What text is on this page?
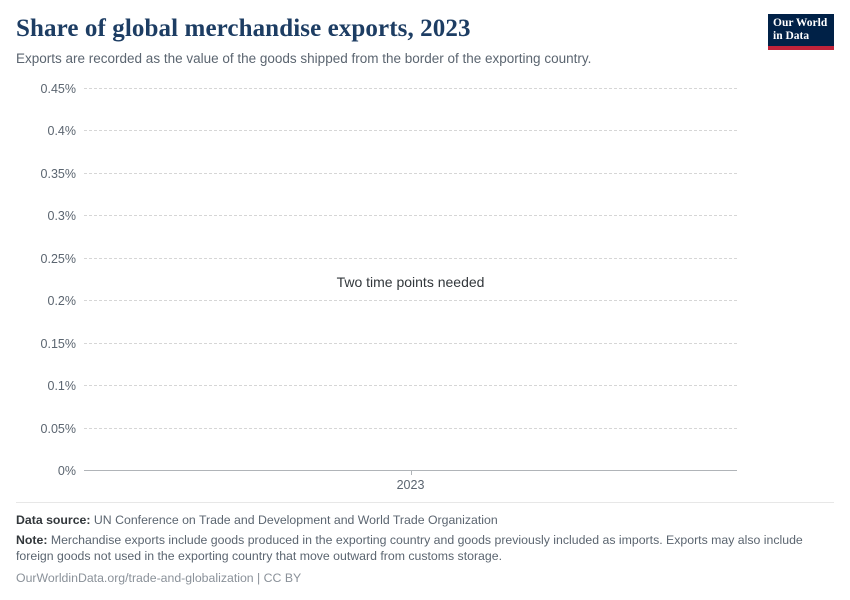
Share of global merchandise exports, 2023

Exports are recorded as the value of the goods shipped from the border of the exporting country.

Our World
in Data
0.45%
0.4%
0.35%
0.3%
0.25%
0.2%
0.15%
0.1%
0.05%
0%
Two time points needed
2023
Data source: UN Conference on Trade and Development and World Trade Organization
Note: Merchandise exports include goods produced in the exporting country and goods previously included as imports. Exports may also include foreign goods not used in the exporting country that move outward from customs storage.
OurWorldinData.org/trade-and-globalization | CC BY
